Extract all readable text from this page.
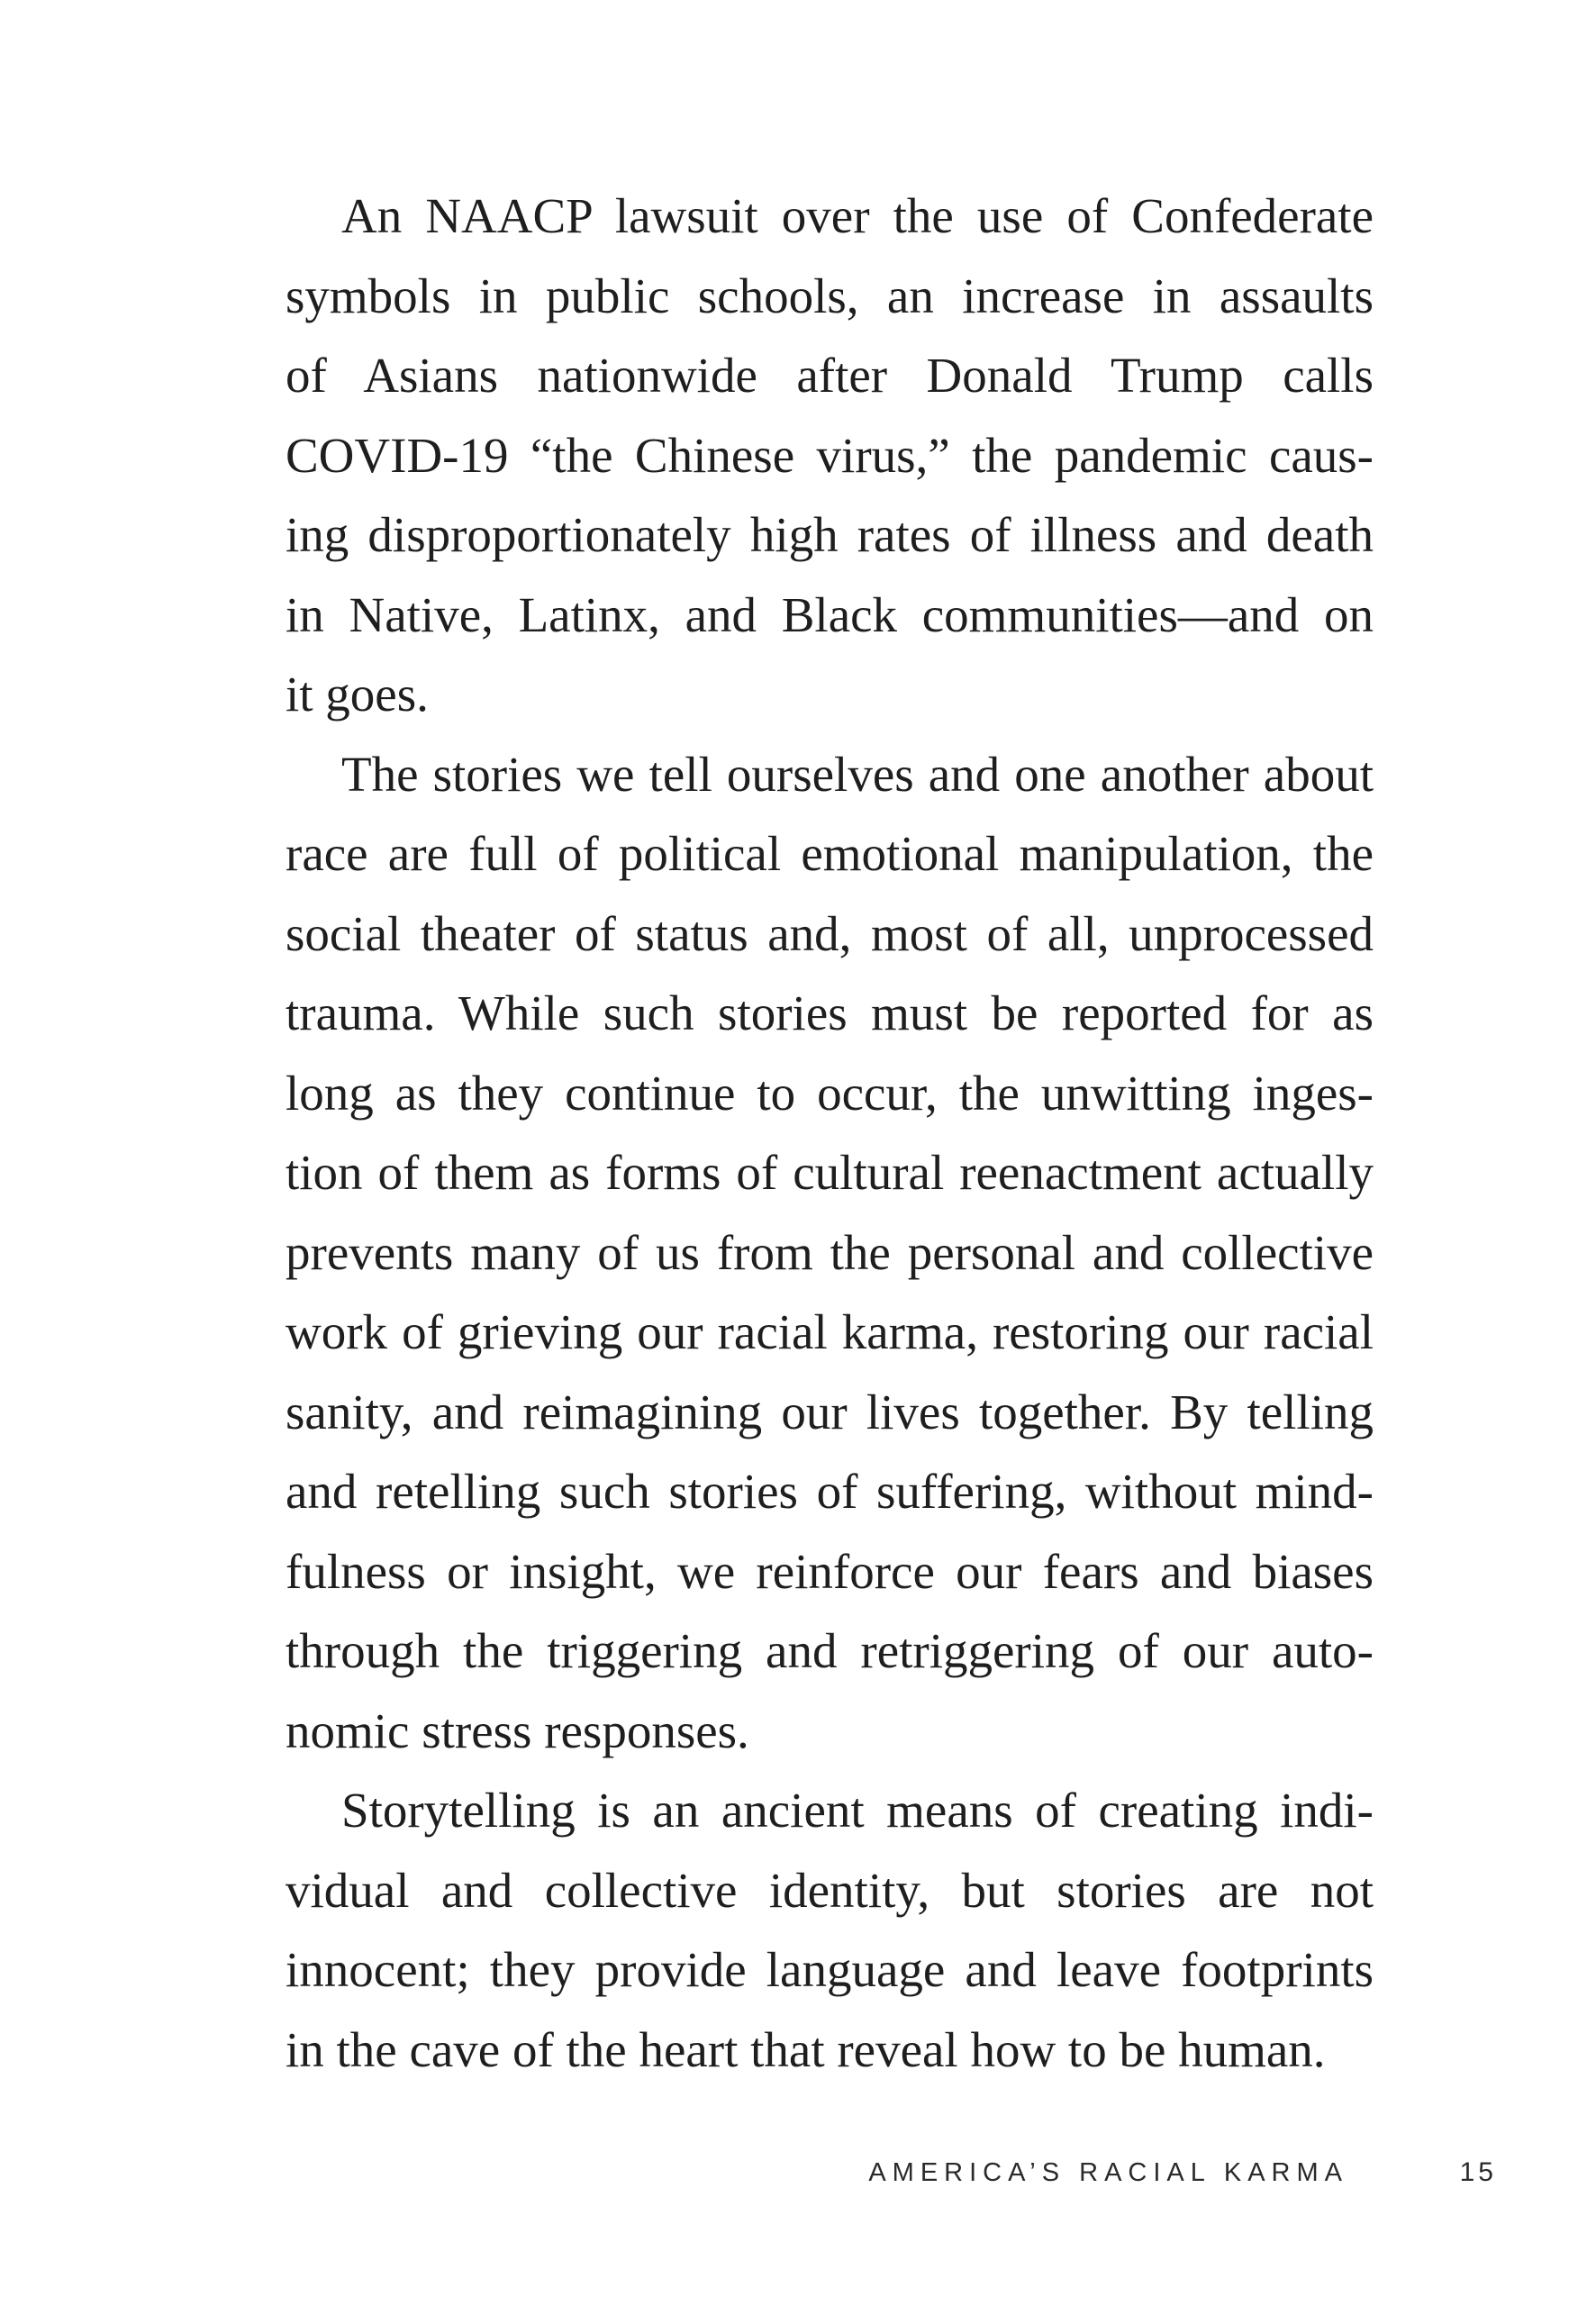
An NAACP lawsuit over the use of Confederate
symbols in public schools, an increase in assaults
of Asians nationwide after Donald Trump calls
COVID-19 “the Chinese virus,” the pandemic caus-
ing disproportionately high rates of illness and death
in Native, Latinx, and Black communities—and on
it goes.
The stories we tell ourselves and one another about
race are full of political emotional manipulation, the
social theater of status and, most of all, unprocessed
trauma. While such stories must be reported for as
long as they continue to occur, the unwitting inges-
tion of them as forms of cultural reenactment actually
prevents many of us from the personal and collective
work of grieving our racial karma, restoring our racial
sanity, and reimagining our lives together. By telling
and retelling such stories of suffering, without mind-
fulness or insight, we reinforce our fears and biases
through the triggering and retriggering of our auto-
nomic stress responses.
Storytelling is an ancient means of creating indi-
vidual and collective identity, but stories are not
innocent; they provide language and leave footprints
in the cave of the heart that reveal how to be human.
AMERICA’S RACIAL KARMA	15
